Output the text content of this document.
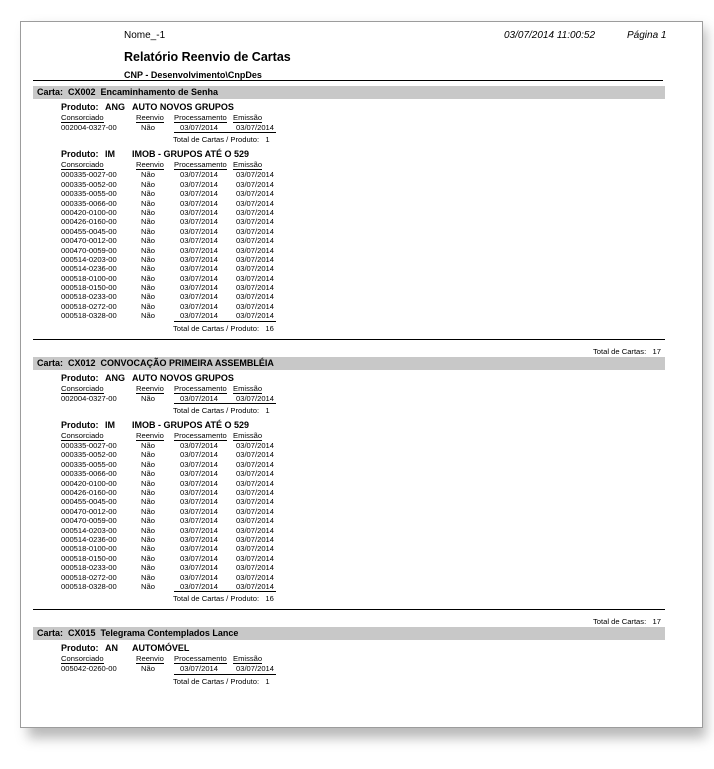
Nome_-1	03/07/2014 11:00:52	Página 1
Relatório Reenvio de Cartas
CNP - Desenvolvimento\CnpDes
Carta:  CX002  Encaminhamento de Senha
Produto: ANG AUTO NOVOS GRUPOS
Consorciado	Reenvio Processamento Emissão
002004-0327-00	Não	03/07/2014 03/07/2014
Total de Cartas / Produto:   1
Produto: IM IMOB - GRUPOS ATÉ O 529
Consorciado	Reenvio Processamento Emissão
000335-0027-00	Não	03/07/2014 03/07/2014
000335-0052-00	Não	03/07/2014 03/07/2014
000335-0055-00	Não	03/07/2014 03/07/2014
000335-0066-00	Não	03/07/2014 03/07/2014
000420-0100-00	Não	03/07/2014 03/07/2014
000426-0160-00	Não	03/07/2014 03/07/2014
000455-0045-00	Não	03/07/2014 03/07/2014
000470-0012-00	Não	03/07/2014 03/07/2014
000470-0059-00	Não	03/07/2014 03/07/2014
000514-0203-00	Não	03/07/2014 03/07/2014
000514-0236-00	Não	03/07/2014 03/07/2014
000518-0100-00	Não	03/07/2014 03/07/2014
000518-0150-00	Não	03/07/2014 03/07/2014
000518-0233-00	Não	03/07/2014 03/07/2014
000518-0272-00	Não	03/07/2014 03/07/2014
000518-0328-00	Não	03/07/2014 03/07/2014
Total de Cartas / Produto:   16
Total de Cartas:   17
Carta:  CX012  CONVOCAÇÃO PRIMEIRA ASSEMBLÉIA
Produto: ANG AUTO NOVOS GRUPOS
Consorciado	Reenvio Processamento Emissão
002004-0327-00	Não	03/07/2014 03/07/2014
Total de Cartas / Produto:   1
Produto: IM IMOB - GRUPOS ATÉ O 529
Consorciado	Reenvio Processamento Emissão
000335-0027-00	Não	03/07/2014 03/07/2014
000335-0052-00	Não	03/07/2014 03/07/2014
000335-0055-00	Não	03/07/2014 03/07/2014
000335-0066-00	Não	03/07/2014 03/07/2014
000420-0100-00	Não	03/07/2014 03/07/2014
000426-0160-00	Não	03/07/2014 03/07/2014
000455-0045-00	Não	03/07/2014 03/07/2014
000470-0012-00	Não	03/07/2014 03/07/2014
000470-0059-00	Não	03/07/2014 03/07/2014
000514-0203-00	Não	03/07/2014 03/07/2014
000514-0236-00	Não	03/07/2014 03/07/2014
000518-0100-00	Não	03/07/2014 03/07/2014
000518-0150-00	Não	03/07/2014 03/07/2014
000518-0233-00	Não	03/07/2014 03/07/2014
000518-0272-00	Não	03/07/2014 03/07/2014
000518-0328-00	Não	03/07/2014 03/07/2014
Total de Cartas / Produto:   16
Total de Cartas:   17
Carta:  CX015  Telegrama Contemplados Lance
Produto: AN AUTOMÓVEL
Consorciado	Reenvio Processamento Emissão
005042-0260-00	Não	03/07/2014 03/07/2014
Total de Cartas / Produto:   1
